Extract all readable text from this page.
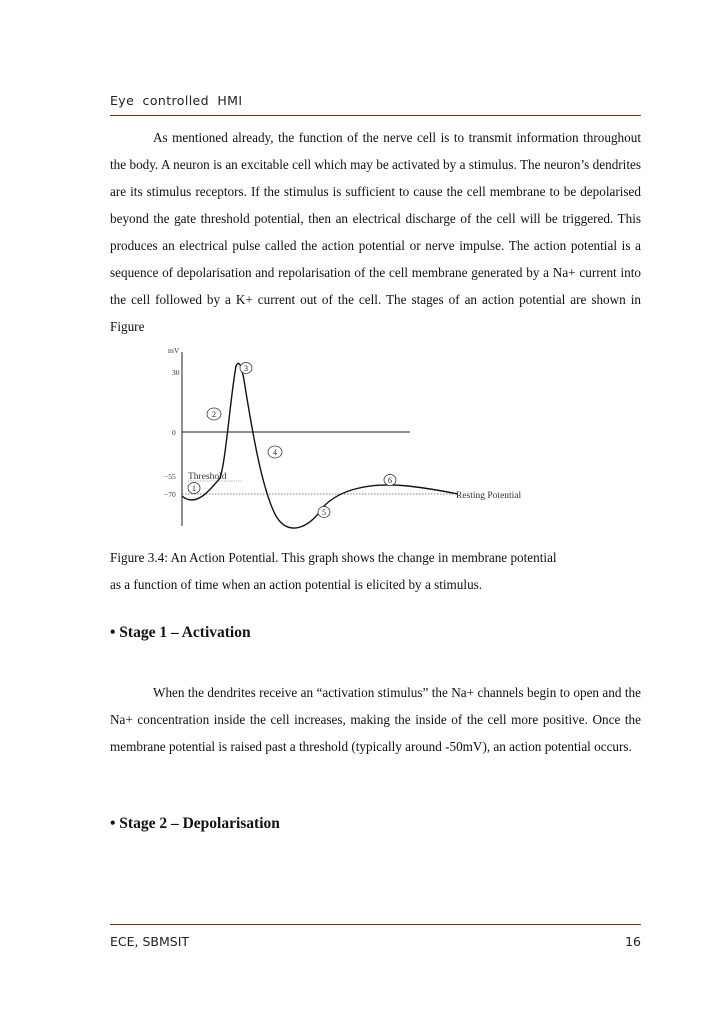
Eye controlled HMI

As mentioned already, the function of the nerve cell is to transmit information throughout the body. A neuron is an excitable cell which may be activated by a stimulus. The neuron’s dendrites are its stimulus receptors. If the stimulus is sufficient to cause the cell membrane to be depolarised beyond the gate threshold potential, then an electrical discharge of the cell will be triggered. This produces an electrical pulse called the action potential or nerve impulse. The action potential is a sequence of depolarisation and repolarisation of the cell membrane generated by a Na+ current into the cell followed by a K+ current out of the cell. The stages of an action potential are shown in Figure

mV
30
0
−55
−70
Threshold
Resting Potential
1
2
3
4
5
6

Figure 3.4: An Action Potential. This graph shows the change in membrane potential

as a function of time when an action potential is elicited by a stimulus.

• Stage 1 – Activation

When the dendrites receive an “activation stimulus” the Na+ channels begin to open and the Na+ concentration inside the cell increases, making the inside of the cell more positive. Once the membrane potential is raised past a threshold (typically around -50mV), an action potential occurs.

• Stage 2 – Depolarisation
ECE, SBMSIT	16
